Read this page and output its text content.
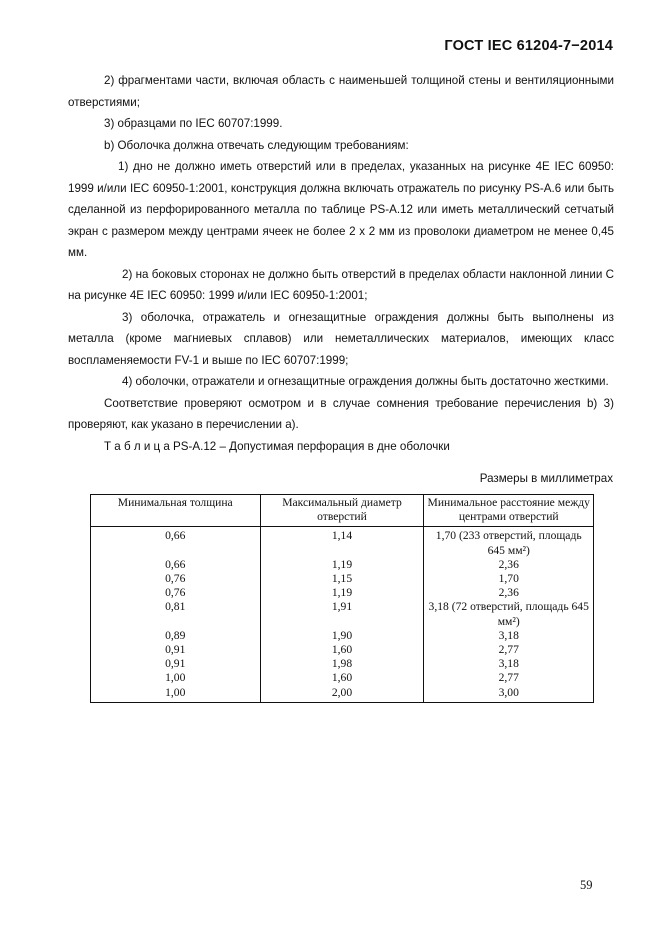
ГОСТ IEC 61204-7−2014

2) фрагментами части, включая область с наименьшей толщиной стены и вентиляционными отверстиями;

3) образцами по IEC 60707:1999.

b) Оболочка должна отвечать следующим требованиям:

1) дно не должно иметь отверстий или в пределах, указанных на рисунке 4Е IEC 60950: 1999 и/или IEC 60950-1:2001, конструкция должна включать отражатель по рисунку PS-A.6 или быть сделанной из перфорированного металла по таблице PS-A.12 или иметь металлический сетчатый экран с размером между центрами ячеек не более 2 х 2 мм из проволоки диаметром не менее 0,45 мм.

2) на боковых сторонах не должно быть отверстий в пределах области наклонной линии С на рисунке 4Е IEC 60950: 1999 и/или IEC 60950-1:2001;

3) оболочка, отражатель и огнезащитные ограждения должны быть выполнены из металла (кроме магниевых сплавов) или неметаллических материалов, имеющих класс воспламеняемости FV-1 и выше по IEC 60707:1999;

4) оболочки, отражатели и огнезащитные ограждения должны быть достаточно жесткими.

Соответствие проверяют осмотром и в случае сомнения требование перечисления b) 3) проверяют, как указано в перечислении а).

Т а б л и ц а PS-A.12 – Допустимая перфорация в дне оболочки

Размеры в миллиметрах
Минимальная толщина	Максимальный диаметр отверстий	Минимальное расстояние между центрами отверстий
0,66	1,14	1,70 (233 отверстий, площадь 645 мм²)
0,66	1,19	2,36
0,76	1,15	1,70
0,76	1,19	2,36
0,81	1,91	3,18 (72 отверстий, площадь 645 мм²)
0,89	1,90	3,18
0,91	1,60	2,77
0,91	1,98	3,18
1,00	1,60	2,77
1,00	2,00	3,00
59
